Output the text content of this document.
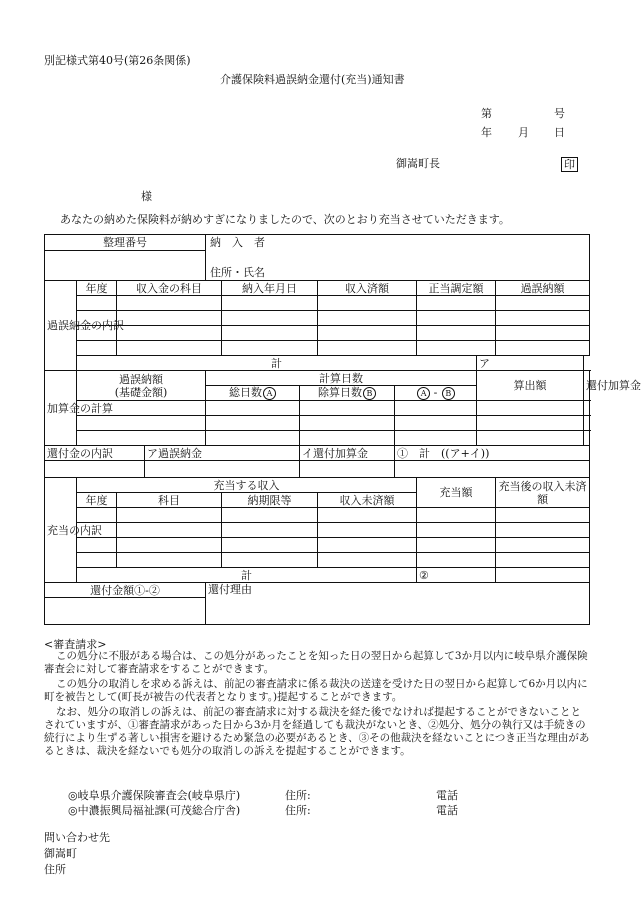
別記様式第40号(第26条関係)
介護保険料過誤納金還付(充当)通知書
第	号
年 月 日
御嵩町長	印
様
あなたの納めた保険料が納めすぎになりましたので、次のとおり充当させていただきます。
整理番号				納　入　者

住所・氏名								

過誤納金の内訳	年度	収入金の科目			納入年月日		収入済額		正当調定額		過誤納額	

	計									ア		
加算金の計算	過誤納額
(基礎金額)			計算日数						算出額		還付加算金
				総日数 A		除算日数 B		A - B				

還付金の内訳			ア過誤納金			イ還付加算金		①　 計　((ア+イ))				

充当の内訳	充当する収入								充当額		充当後の収入未済額	
	年度	科目			納期限等		収入未済額					

	計								②			
還付金額①-②				還付理由								

<審査請求>
この処分に不服がある場合は、この処分があったことを知った日の翌日から起算して3か月以内に岐阜県介護保険審査会に対して審査請求をすることができます。
この処分の取消しを求める訴えは、前記の審査請求に係る裁決の送達を受けた日の翌日から起算して6か月以内に町を被告として(町長が被告の代表者となります。)提起することができます。
なお、処分の取消しの訴えは、前記の審査請求に対する裁決を経た後でなければ提起することができないこととされていますが、①審査請求があった日から3か月を経過しても裁決がないとき、②処分、処分の執行又は手続きの続行により生ずる著しい損害を避けるため緊急の必要があるとき、③その他裁決を経ないことにつき正当な理由があるときは、裁決を経ないでも処分の取消しの訴えを提起することができます。
◎岐阜県介護保険審査会(岐阜県庁)	住所:	電話
◎中濃振興局福祉課(可茂総合庁舎)	住所:	電話
問い合わせ先
御嵩町
住所
